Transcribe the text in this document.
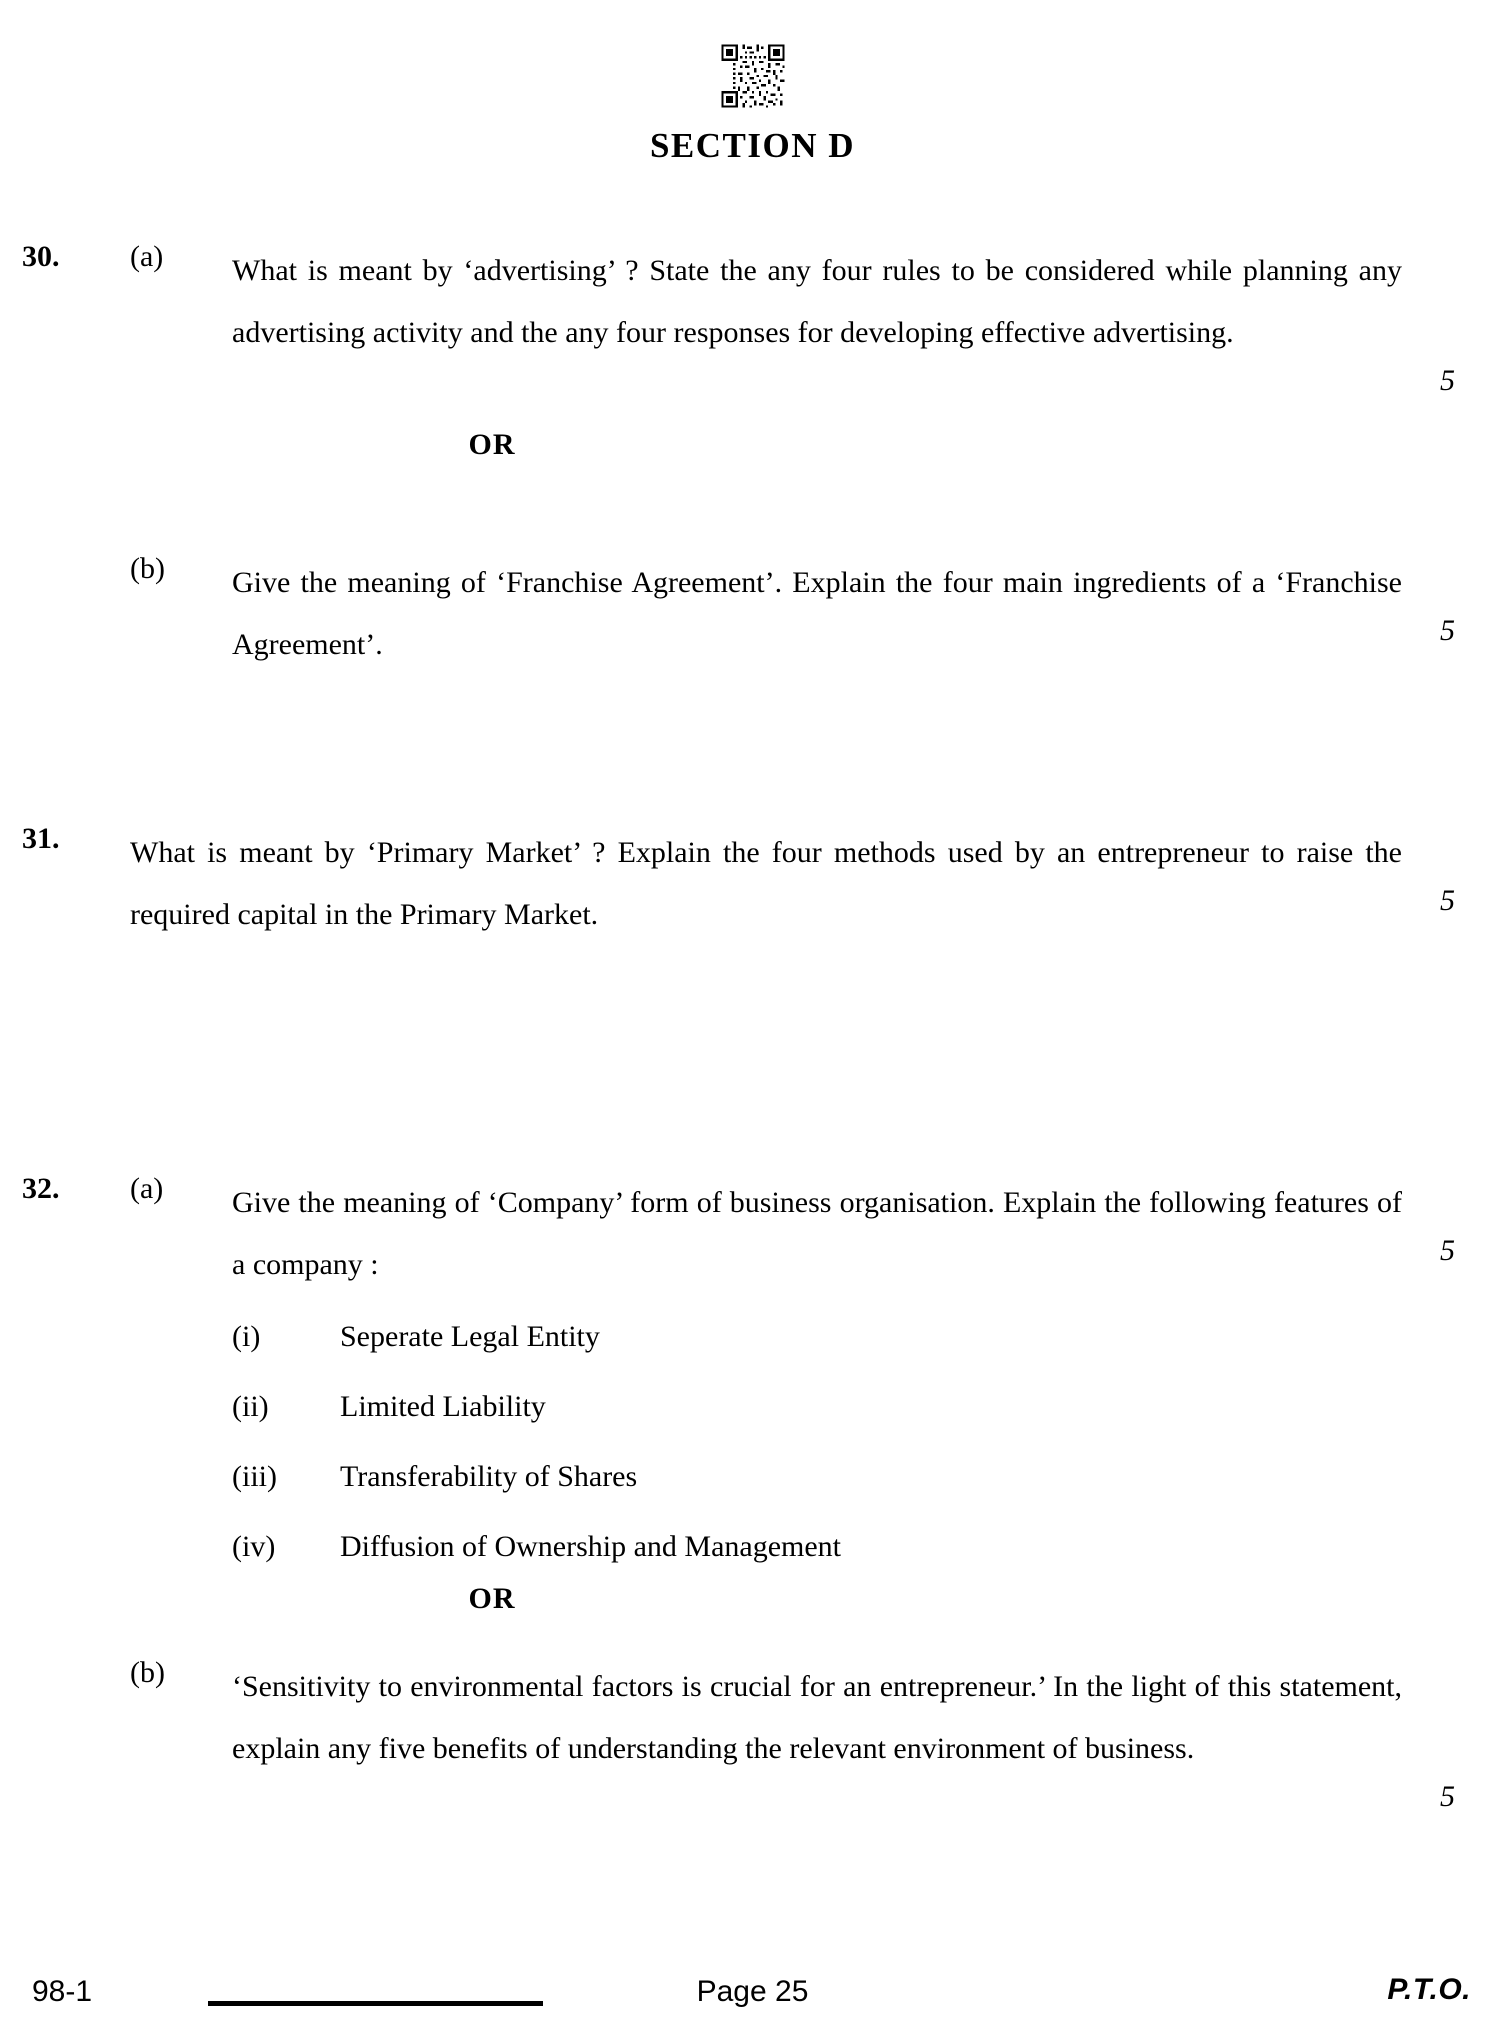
SECTION D
30.	(a)	What is meant by ‘advertising’ ? State the any four rules to be considered while planning any advertising activity and the any four responses for developing effective advertising.
5
OR
(b)	Give the meaning of ‘Franchise Agreement’. Explain the four main ingredients of a ‘Franchise Agreement’.	5
31.	What is meant by ‘Primary Market’ ? Explain the four methods used by an entrepreneur to raise the required capital in the Primary Market.	5
32.	(a)	Give the meaning of ‘Company’ form of business organisation. Explain the following features of a company :	5
(i)	Seperate Legal Entity
(ii)	Limited Liability
(iii)	Transferability of Shares
(iv)	Diffusion of Ownership and Management
OR
(b)	‘Sensitivity to environmental factors is crucial for an entrepreneur.’ In the light of this statement, explain any five benefits of understanding the relevant environment of business.
5
98-1	Page 25	P.T.O.
